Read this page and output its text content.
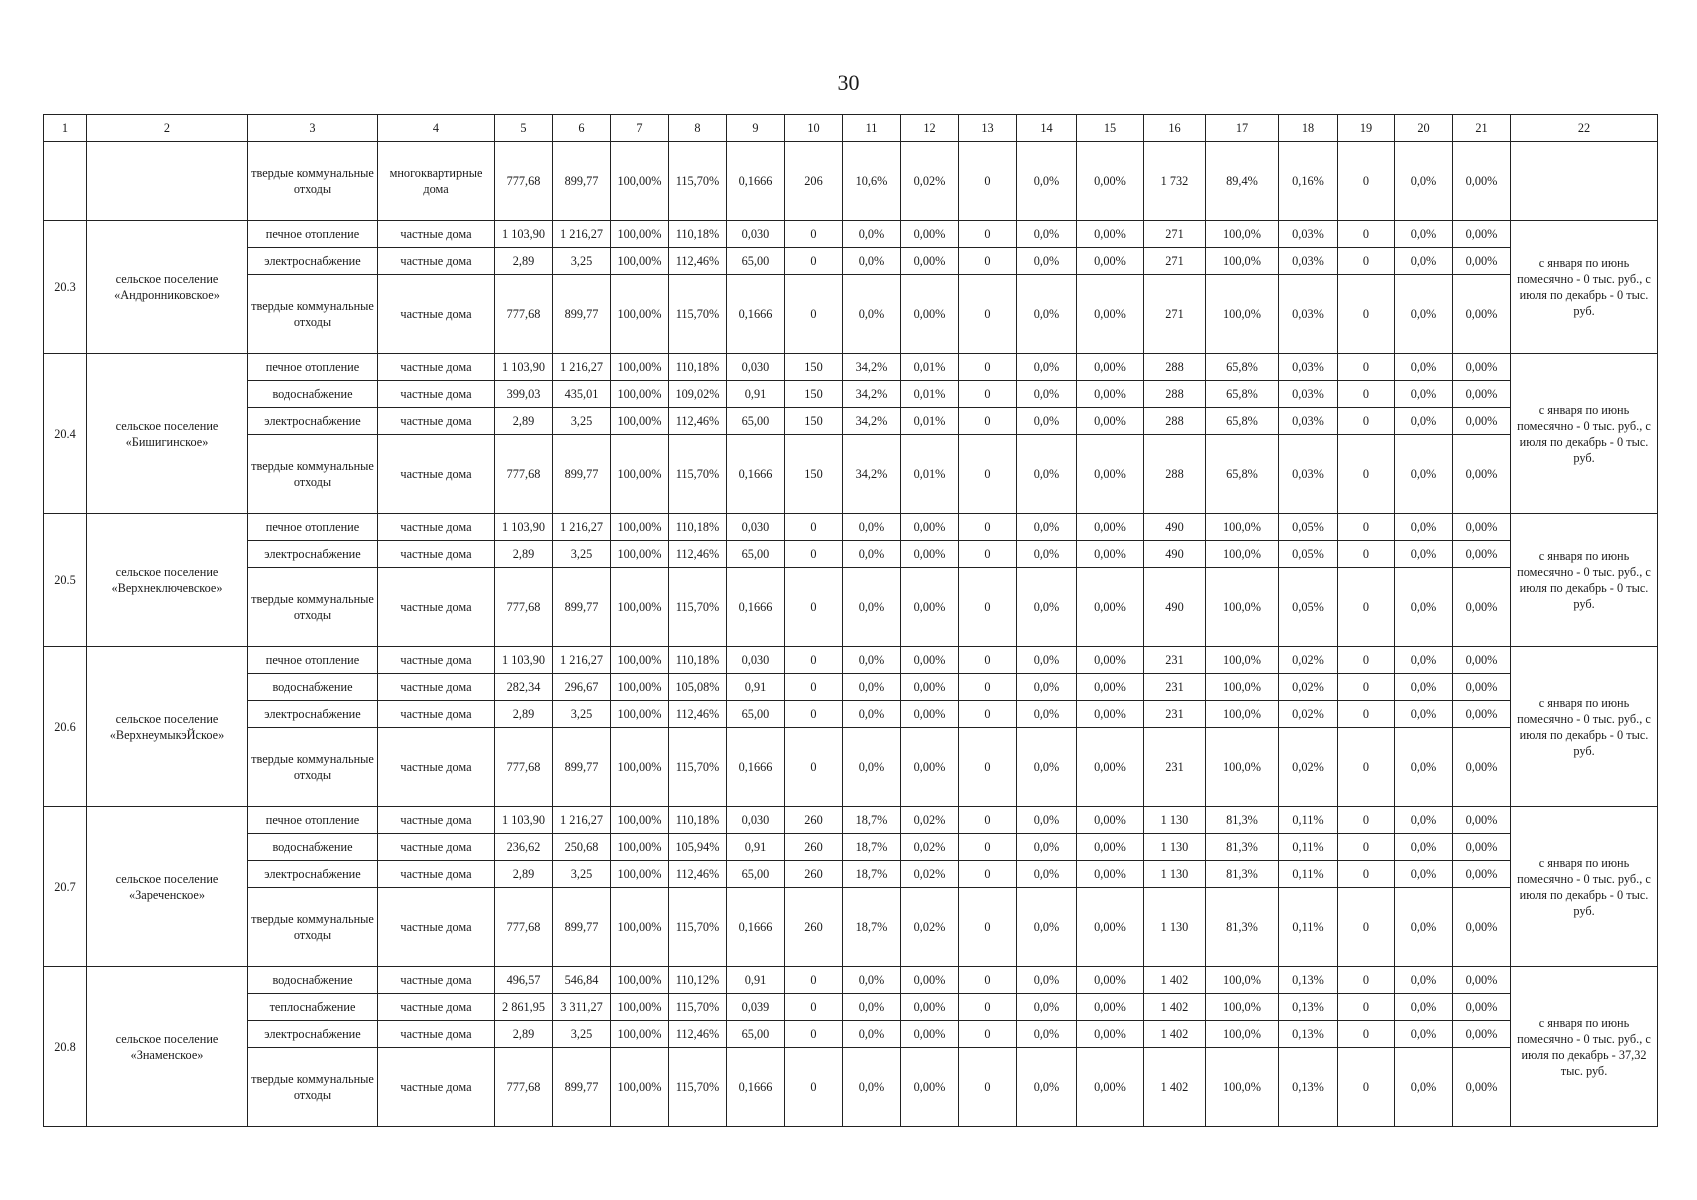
30
1	2	3	4	5	6	7	8	9	10	11	12	13	14	15	16	17	18	19	20	21	22
		твердые коммунальные отходы	многоквартирные дома	777,68	899,77	100,00%	115,70%	0,1666	206	10,6%	0,02%	0	0,0%	0,00%	1 732	89,4%	0,16%	0	0,0%	0,00%	
20.3	сельское поселение «Андронниковское»	печное отопление	частные дома	1 103,90	1 216,27	100,00%	110,18%	0,030	0	0,0%	0,00%	0	0,0%	0,00%	271	100,0%	0,03%	0	0,0%	0,00%	с января по июнь помесячно - 0 тыс. руб., с июля по декабрь - 0 тыс. руб.
		электроснабжение	частные дома	2,89	3,25	100,00%	112,46%	65,00	0	0,0%	0,00%	0	0,0%	0,00%	271	100,0%	0,03%	0	0,0%	0,00%	
		твердые коммунальные отходы	частные дома	777,68	899,77	100,00%	115,70%	0,1666	0	0,0%	0,00%	0	0,0%	0,00%	271	100,0%	0,03%	0	0,0%	0,00%	
20.4	сельское поселение «Бишигинское»	печное отопление	частные дома	1 103,90	1 216,27	100,00%	110,18%	0,030	150	34,2%	0,01%	0	0,0%	0,00%	288	65,8%	0,03%	0	0,0%	0,00%	с января по июнь помесячно - 0 тыс. руб., с июля по декабрь - 0 тыс. руб.
		водоснабжение	частные дома	399,03	435,01	100,00%	109,02%	0,91	150	34,2%	0,01%	0	0,0%	0,00%	288	65,8%	0,03%	0	0,0%	0,00%	
		электроснабжение	частные дома	2,89	3,25	100,00%	112,46%	65,00	150	34,2%	0,01%	0	0,0%	0,00%	288	65,8%	0,03%	0	0,0%	0,00%	
		твердые коммунальные отходы	частные дома	777,68	899,77	100,00%	115,70%	0,1666	150	34,2%	0,01%	0	0,0%	0,00%	288	65,8%	0,03%	0	0,0%	0,00%	
20.5	сельское поселение «Верхнеключевское»	печное отопление	частные дома	1 103,90	1 216,27	100,00%	110,18%	0,030	0	0,0%	0,00%	0	0,0%	0,00%	490	100,0%	0,05%	0	0,0%	0,00%	с января по июнь помесячно - 0 тыс. руб., с июля по декабрь - 0 тыс. руб.
		электроснабжение	частные дома	2,89	3,25	100,00%	112,46%	65,00	0	0,0%	0,00%	0	0,0%	0,00%	490	100,0%	0,05%	0	0,0%	0,00%	
		твердые коммунальные отходы	частные дома	777,68	899,77	100,00%	115,70%	0,1666	0	0,0%	0,00%	0	0,0%	0,00%	490	100,0%	0,05%	0	0,0%	0,00%	
20.6	сельское поселение «ВерхнеумыкэЙское»	печное отопление	частные дома	1 103,90	1 216,27	100,00%	110,18%	0,030	0	0,0%	0,00%	0	0,0%	0,00%	231	100,0%	0,02%	0	0,0%	0,00%	с января по июнь помесячно - 0 тыс. руб., с июля по декабрь - 0 тыс. руб.
		водоснабжение	частные дома	282,34	296,67	100,00%	105,08%	0,91	0	0,0%	0,00%	0	0,0%	0,00%	231	100,0%	0,02%	0	0,0%	0,00%	
		электроснабжение	частные дома	2,89	3,25	100,00%	112,46%	65,00	0	0,0%	0,00%	0	0,0%	0,00%	231	100,0%	0,02%	0	0,0%	0,00%	
		твердые коммунальные отходы	частные дома	777,68	899,77	100,00%	115,70%	0,1666	0	0,0%	0,00%	0	0,0%	0,00%	231	100,0%	0,02%	0	0,0%	0,00%	
20.7	сельское поселение «Зареченское»	печное отопление	частные дома	1 103,90	1 216,27	100,00%	110,18%	0,030	260	18,7%	0,02%	0	0,0%	0,00%	1 130	81,3%	0,11%	0	0,0%	0,00%	с января по июнь помесячно - 0 тыс. руб., с июля по декабрь - 0 тыс. руб.
		водоснабжение	частные дома	236,62	250,68	100,00%	105,94%	0,91	260	18,7%	0,02%	0	0,0%	0,00%	1 130	81,3%	0,11%	0	0,0%	0,00%	
		электроснабжение	частные дома	2,89	3,25	100,00%	112,46%	65,00	260	18,7%	0,02%	0	0,0%	0,00%	1 130	81,3%	0,11%	0	0,0%	0,00%	
		твердые коммунальные отходы	частные дома	777,68	899,77	100,00%	115,70%	0,1666	260	18,7%	0,02%	0	0,0%	0,00%	1 130	81,3%	0,11%	0	0,0%	0,00%	
20.8	сельское поселение «Знаменское»	водоснабжение	частные дома	496,57	546,84	100,00%	110,12%	0,91	0	0,0%	0,00%	0	0,0%	0,00%	1 402	100,0%	0,13%	0	0,0%	0,00%	с января по июнь помесячно - 0 тыс. руб., с июля по декабрь - 37,32 тыс. руб.
		теплоснабжение	частные дома	2 861,95	3 311,27	100,00%	115,70%	0,039	0	0,0%	0,00%	0	0,0%	0,00%	1 402	100,0%	0,13%	0	0,0%	0,00%	
		электроснабжение	частные дома	2,89	3,25	100,00%	112,46%	65,00	0	0,0%	0,00%	0	0,0%	0,00%	1 402	100,0%	0,13%	0	0,0%	0,00%	
		твердые коммунальные отходы	частные дома	777,68	899,77	100,00%	115,70%	0,1666	0	0,0%	0,00%	0	0,0%	0,00%	1 402	100,0%	0,13%	0	0,0%	0,00%	
